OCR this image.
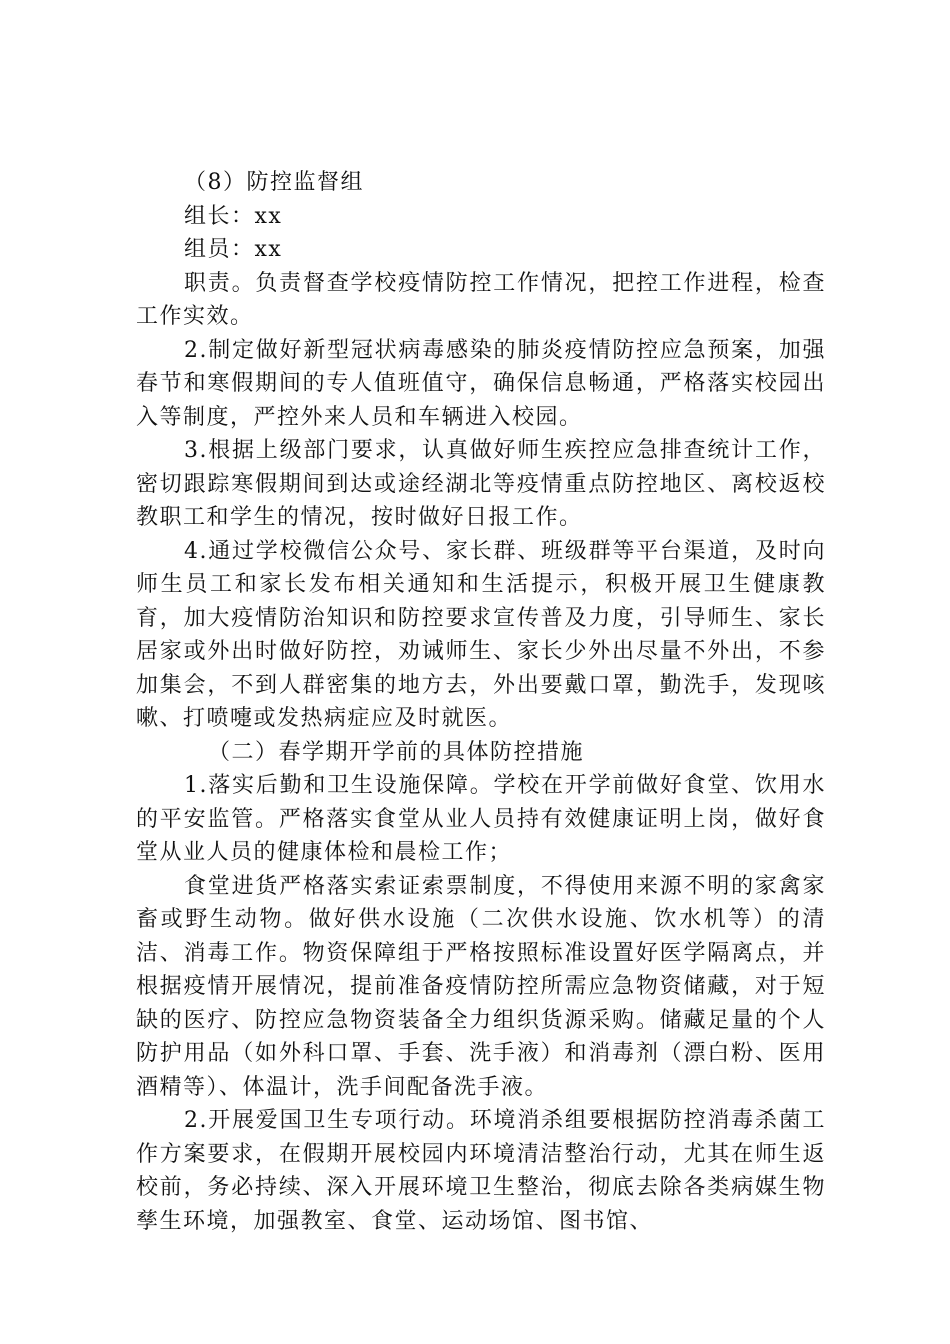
（8）防控监督组

组长：xx

组员：xx

职责。负责督查学校疫情防控工作情况，把控工作进程，检查工作实效。

2.制定做好新型冠状病毒感染的肺炎疫情防控应急预案，加强春节和寒假期间的专人值班值守，确保信息畅通，严格落实校园出入等制度，严控外来人员和车辆进入校园。

3.根据上级部门要求，认真做好师生疾控应急排查统计工作，密切跟踪寒假期间到达或途经湖北等疫情重点防控地区、离校返校教职工和学生的情况，按时做好日报工作。

4.通过学校微信公众号、家长群、班级群等平台渠道，及时向师生员工和家长发布相关通知和生活提示，积极开展卫生健康教育，加大疫情防治知识和防控要求宣传普及力度，引导师生、家长居家或外出时做好防控，劝诫师生、家长少外出尽量不外出，不参加集会，不到人群密集的地方去，外出要戴口罩，勤洗手，发现咳嗽、打喷嚏或发热病症应及时就医。

（二）春学期开学前的具体防控措施

1.落实后勤和卫生设施保障。学校在开学前做好食堂、饮用水的平安监管。严格落实食堂从业人员持有效健康证明上岗，做好食堂从业人员的健康体检和晨检工作；

食堂进货严格落实索证索票制度，不得使用来源不明的家禽家畜或野生动物。做好供水设施（二次供水设施、饮水机等）的清洁、消毒工作。物资保障组于严格按照标准设置好医学隔离点，并根据疫情开展情况，提前准备疫情防控所需应急物资储藏，对于短缺的医疗、防控应急物资装备全力组织货源采购。储藏足量的个人防护用品（如外科口罩、手套、洗手液）和消毒剂（漂白粉、医用酒精等）、体温计，洗手间配备洗手液。

2.开展爱国卫生专项行动。环境消杀组要根据防控消毒杀菌工作方案要求，在假期开展校园内环境清洁整治行动，尤其在师生返校前，务必持续、深入开展环境卫生整治，彻底去除各类病媒生物孳生环境，加强教室、食堂、运动场馆、图书馆、
